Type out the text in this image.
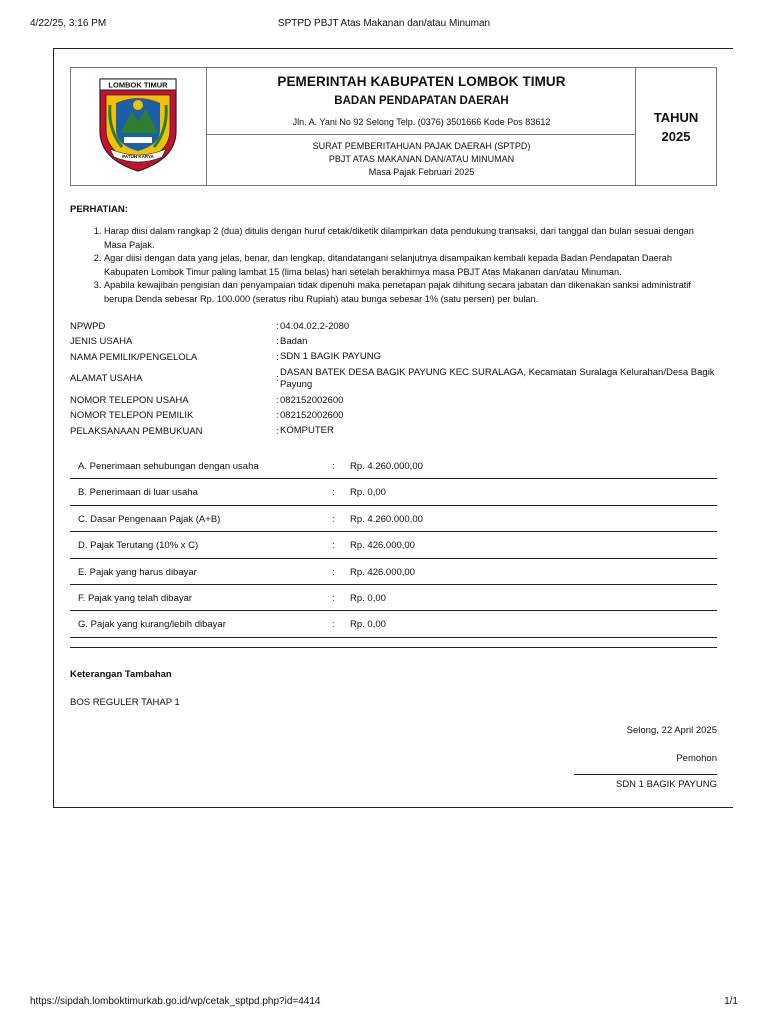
4/22/25, 3:16 PM	SPTPD PBJT Atas Makanan dan/atau Minuman
LOMBOK TIMUR
PATUH KARYA
PEMERINTAH KABUPATEN LOMBOK TIMUR
BADAN PENDAPATAN DAERAH
Jln. A. Yani No 92 Selong Telp. (0376) 3501666 Kode Pos 83612
SURAT PEMBERITAHUAN PAJAK DAERAH (SPTPD)
PBJT ATAS MAKANAN DAN/ATAU MINUMAN
Masa Pajak Februari 2025
TAHUN
2025
PERHATIAN:
1. Harap diisi dalam rangkap 2 (dua) ditulis dengan huruf cetak/diketik dilampirkan data pendukung transaksi, dari tanggal dan bulan sesuai dengan Masa Pajak.
2. Agar diisi dengan data yang jelas, benar, dan lengkap, ditandatangani selanjutnya disampaikan kembali kepada Badan Pendapatan Daerah Kabupaten Lombok Timur paling lambat 15 (lima belas) hari setelah berakhirnya masa PBJT Atas Makanan dan/atau Minuman.
3. Apabila kewajiban pengisian dan penyampaian tidak dipenuhi maka penetapan pajak dihitung secara jabatan dan dikenakan sanksi administratif berupa Denda sebesar Rp. 100.000 (seratus ribu Rupiah) atau bunga sebesar 1% (satu persen) per bulan.
NPWPD	: 04.04.02.2-2080
JENIS USAHA	: Badan
NAMA PEMILIK/PENGELOLA	: SDN 1 BAGIK PAYUNG
ALAMAT USAHA	:
DASAN BATEK DESA BAGIK PAYUNG KEC SURALAGA, Kecamatan Suralaga Kelurahan/Desa Bagik Payung
NOMOR TELEPON USAHA	: 082152002600
NOMOR TELEPON PEMILIK	: 082152002600
PELAKSANAAN PEMBUKUAN	: KOMPUTER
A. Penerimaan sehubungan dengan usaha	: Rp. 4.260.000,00
B. Penerimaan di luar usaha	: Rp. 0,00
C. Dasar Pengenaan Pajak (A+B)	: Rp. 4.260.000,00
D. Pajak Terutang (10% x C)	: Rp. 426.000,00
E. Pajak yang harus dibayar	: Rp. 426.000,00
F. Pajak yang telah dibayar	: Rp. 0,00
G. Pajak yang kurang/lebih dibayar	: Rp. 0,00
Keterangan Tambahan
BOS REGULER TAHAP 1
Selong, 22 April 2025
Pemohon
SDN 1 BAGIK PAYUNG
https://sipdah.lomboktimurkab.go.id/wp/cetak_sptpd.php?id=4414	1/1
